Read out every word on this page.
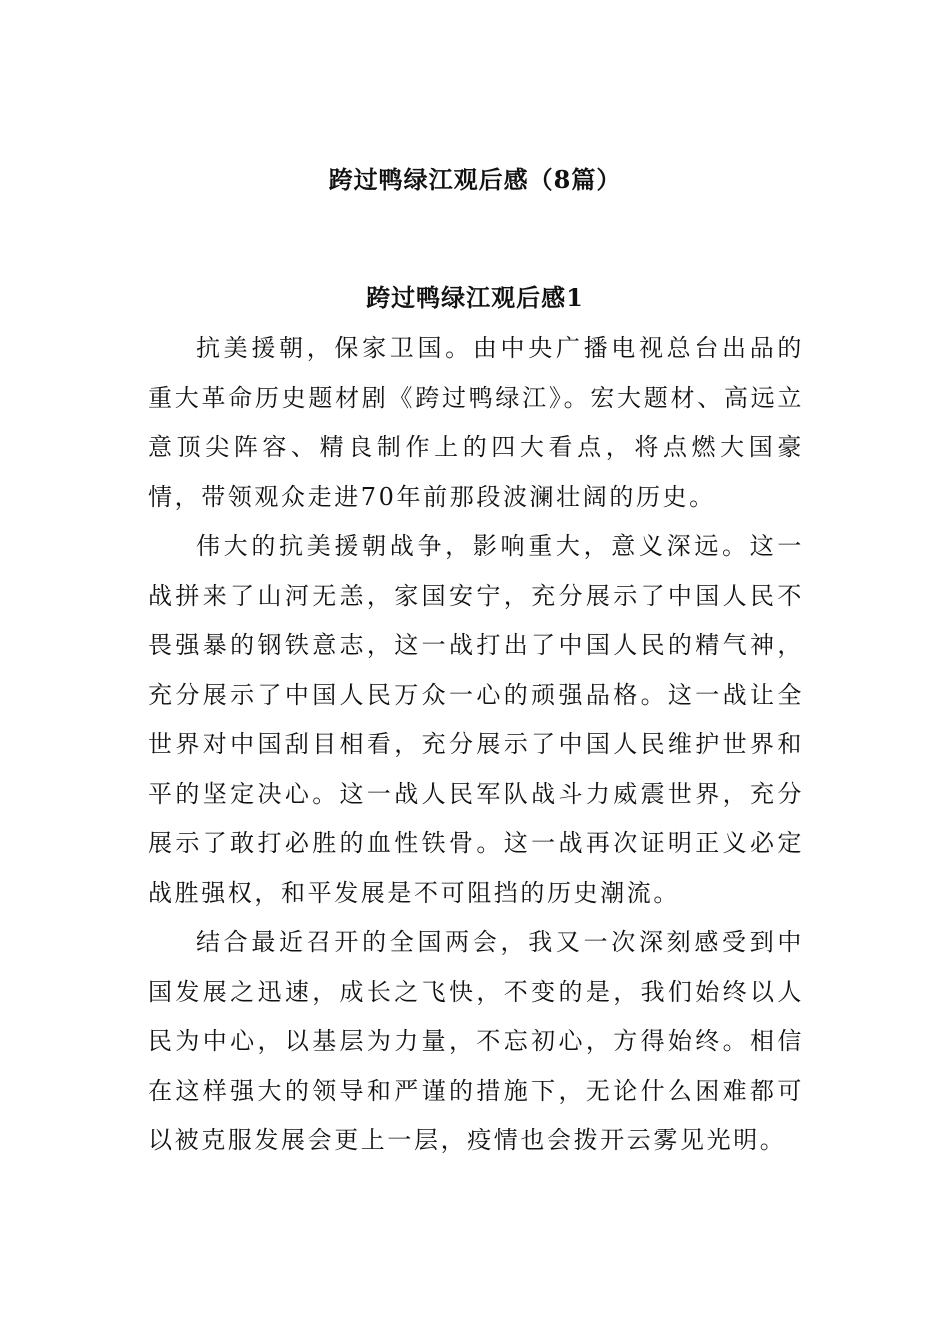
跨过鸭绿江观后感（8篇）
跨过鸭绿江观后感1

抗美援朝，保家卫国。由中央广播电视总台出品的重大革命历史题材剧《跨过鸭绿江》。宏大题材、高远立意顶尖阵容、精良制作上的四大看点，将点燃大国豪情，带领观众走进70年前那段波澜壮阔的历史。

伟大的抗美援朝战争，影响重大，意义深远。这一战拼来了山河无恙，家国安宁，充分展示了中国人民不畏强暴的钢铁意志，这一战打出了中国人民的精气神，充分展示了中国人民万众一心的顽强品格。这一战让全世界对中国刮目相看，充分展示了中国人民维护世界和平的坚定决心。这一战人民军队战斗力威震世界，充分展示了敢打必胜的血性铁骨。这一战再次证明正义必定战胜强权，和平发展是不可阻挡的历史潮流。

结合最近召开的全国两会，我又一次深刻感受到中国发展之迅速，成长之飞快，不变的是，我们始终以人民为中心，以基层为力量，不忘初心，方得始终。相信在这样强大的领导和严谨的措施下，无论什么困难都可以被克服发展会更上一层，疫情也会拨开云雾见光明。
